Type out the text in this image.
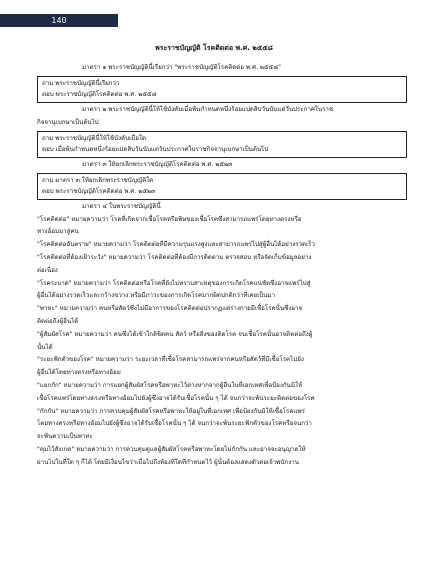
140
พระราชบัญญัติ โรคติดต่อ พ.ศ. ๒๕๕๘

มาตรา ๑ พระราชบัญญัตินี้เรียกว่า "พระราชบัญญัติโรคติดต่อ พ.ศ. ๒๕๕๘"

ถาม พระราชบัญญัตินี้เรียกว่า

ตอบ พระราชบัญญัติโรคติดต่อ พ.ศ. ๒๕๕๘

มาตรา ๒ พระราชบัญญัตินี้ให้ใช้บังคับเมื่อพ้นกำหนดหนึ่งร้อยแปดสิบวันนับแต่วันประกาศในราช

กิจจานุเบกษาเป็นต้นไป

ถาม พระราชบัญญัตินี้ให้ใช้บังคับเมื่อใด

ตอบ เมื่อพ้นกำหนดหนึ่งร้อยแปดสิบวันนับแต่วันประกาศในราชกิจจานุเบกษาเป็นต้นไป

มาตรา ๓ ให้ยกเลิกพระราชบัญญัติโรคติดต่อ พ.ศ. ๒๕๒๓

ถาม มาตรา ๓ ให้ยกเลิกพระราชบัญญัติใด

ตอบ พระราชบัญญัติโรคติดต่อ พ.ศ. ๒๕๒๓

มาตรา ๔ ในพระราชบัญญัตินี้

"โรคติดต่อ" หมายความว่า โรคที่เกิดจากเชื้อโรคหรือพิษของเชื้อโรคซึ่งสามารถแพร่โดยทางตรงหรือ

ทางอ้อมมาสู่คน

"โรคติดต่ออันตราย" หมายความว่า โรคติดต่อที่มีความรุนแรงสูงและสามารถแพร่ไปสู่ผู้อื่นได้อย่างรวดเร็ว

"โรคติดต่อที่ต้องเฝ้าระวัง" หมายความว่า โรคติดต่อที่ต้องมีการติดตาม ตรวจสอบ หรือจัดเก็บข้อมูลอย่าง

ต่อเนื่อง

"โรคระบาด" หมายความว่า โรคติดต่อหรือโรคที่ยังไม่ทราบสาเหตุของการเกิดโรคแน่ชัดซึ่งอาจแพร่ไปสู่

ผู้อื่นได้อย่างรวดเร็วและกว้างขวาง หรือมีภาวะของการเกิดโรคมากผิดปกติกว่าที่เคยเป็นมา

"พาหะ" หมายความว่า คนหรือสัตว์ซึ่งไม่มีอาการของโรคติดต่อปรากฏแต่ร่างกายมีเชื้อโรคนั้นซึ่งอาจ

ติดต่อถึงผู้อื่นได้

"ผู้สัมผัสโรค" หมายความว่า คนซึ่งได้เข้าใกล้ชิดคน สัตว์ หรือสิ่งของติดโรค จนเชื้อโรคนั้นอาจติดต่อถึงผู้

นั้นได้

"ระยะฟักตัวของโรค" หมายความว่า ระยะเวลาที่เชื้อโรคสามารถแพร่จากคนหรือสัตว์ที่มีเชื้อโรคไปยัง

ผู้อื่นได้โดยทางตรงหรือทางอ้อม

"แยกกัก" หมายความว่า การแยกผู้สัมผัสโรคหรือพาหะไว้ต่างหากจากผู้อื่นในที่เอกเทศเพื่อป้องกันมิให้

เชื้อโรคแพร่โดยทางตรงหรือทางอ้อมไปยังผู้ซึ่งอาจได้รับเชื้อโรคนั้น ๆ ได้ จนกว่าจะพ้นระยะติดต่อของโรค

"กักกัน" หมายความว่า การควบคุมผู้สัมผัสโรคหรือพาหะให้อยู่ในที่เอกเทศ เพื่อป้องกันมิให้เชื้อโรคแพร่

โดยทางตรงหรือทางอ้อมไปยังผู้ซึ่งอาจได้รับเชื้อโรคนั้น ๆ ได้ จนกว่าจะพ้นระยะฟักตัวของโรคหรือจนกว่า

จะพ้นความเป็นพาหะ

"คุมไว้สังเกต" หมายความว่า การควบคุมดูแลผู้สัมผัสโรคหรือพาหะโดยไม่กักกัน และอาจจะอนุญาตให้

ผ่านไปในที่ใด ๆ ก็ได้ โดยมีเงื่อนไขว่าเมื่อไปถึงท้องที่ใดที่กำหนดไว้ ผู้นั้นต้องแสดงตัวต่อเจ้าพนักงาน
